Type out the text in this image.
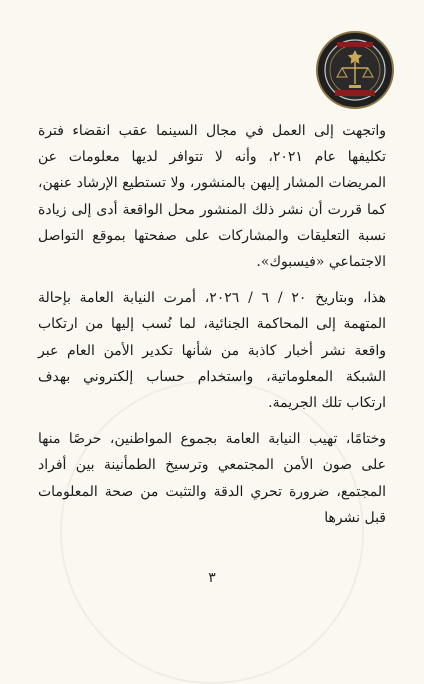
واتجهت إلى العمل في مجال السينما عقب انقضاء فترة تكليفها عام ٢٠٢١، وأنه لا تتوافر لديها معلومات عن المريضات المشار إليهن بالمنشور، ولا تستطيع الإرشاد عنهن، كما قررت أن نشر ذلك المنشور محل الواقعة أدى إلى زيادة نسبة التعليقات والمشاركات على صفحتها بموقع التواصل الاجتماعي «فيسبوك».

هذا، وبتاريخ ٢٠ / ٦ / ٢٠٢٦، أمرت النيابة العامة بإحالة المتهمة إلى المحاكمة الجنائية، لما نُسب إليها من ارتكاب واقعة نشر أخبار كاذبة من شأنها تكدير الأمن العام عبر الشبكة المعلوماتية، واستخدام حساب إلكتروني بهدف ارتكاب تلك الجريمة.

وختامًا، تهيب النيابة العامة بجموع المواطنين، حرصًا منها على صون الأمن المجتمعي وترسيخ الطمأنينة بين أفراد المجتمع، ضرورة تحري الدقة والتثبت من صحة المعلومات قبل نشرها

٣
